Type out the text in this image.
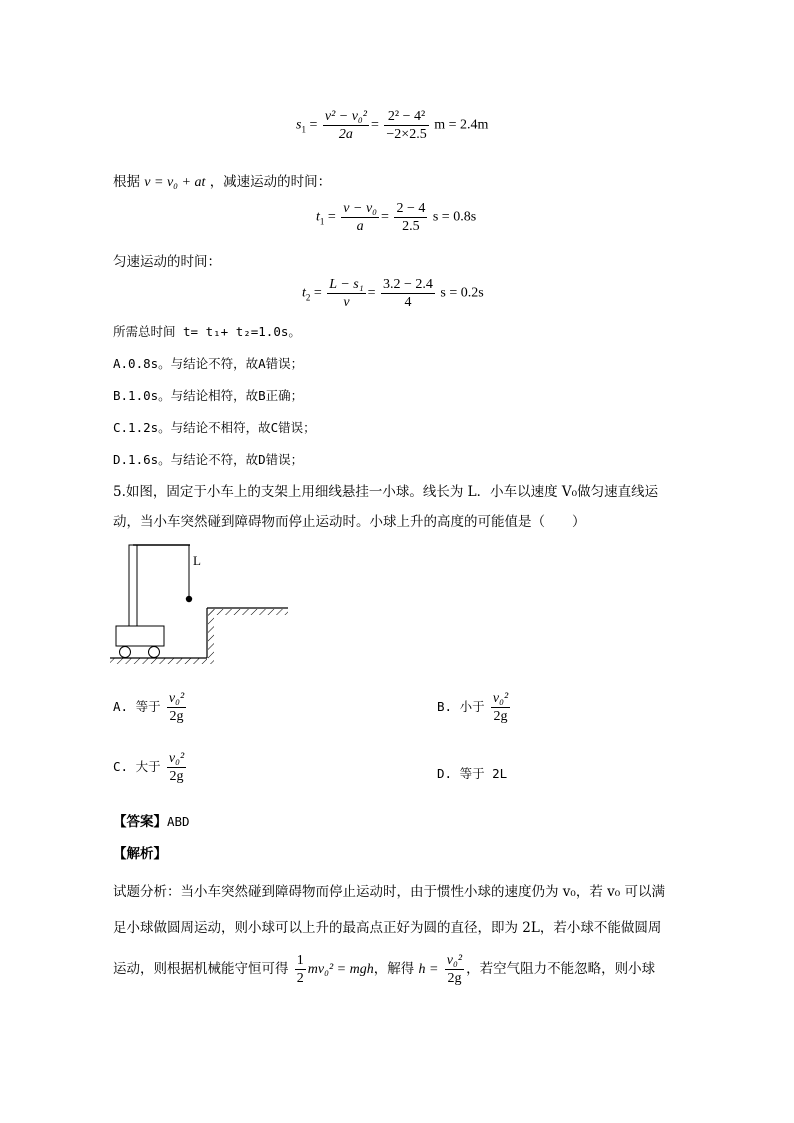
$s_1 = \frac{\text{v² − v₀²}}{2a} = \frac{\text{2² − 4²}}{-2\times 2.5}$ m = 2.4m
根据 v = v₀ + at ，减速运动的时间：
$t_1 = \frac{\text{v − v₀}}{a} = \frac{2 - 4}{2.5}$ s = 0.8s
匀速运动的时间：
$t_2 = \frac{\text{L − s₁}}{v} = \frac{3.2 - 2.4}{4}$ s = 0.2s
所需总时间 t= t₁+ t₂=1.0s。
A.0.8s。与结论不符，故A错误；
B.1.0s。与结论相符，故B正确；
C.1.2s。与结论不相符，故C错误；
D.1.6s。与结论不符，故D错误；
5.如图，固定于小车上的支架上用细线悬挂一小球。线长为 L．小车以速度 V₀做匀速直线运
动，当小车突然碰到障碍物而停止运动时。小球上升的高度的可能值是（　　）
L
A. 等于 $\frac{\text{v₀²}}{2g}$	B. 小于 $\frac{\text{v₀²}}{2g}$
C. 大于 $\frac{\text{v₀²}}{2g}$	D. 等于 2L
【答案】ABD
【解析】
试题分析：当小车突然碰到障碍物而停止运动时，由于惯性小球的速度仍为 v₀，若 v₀ 可以满
足小球做圆周运动，则小球可以上升的最高点正好为圆的直径，即为 2L，若小球不能做圆周
运动，则根据机械能守恒可得 $\frac{1}{2} mv_0^2$ = mgh，解得 $h = \frac{\text{v₀²}}{2g}$ ，若空气阻力不能忽略，则小球
